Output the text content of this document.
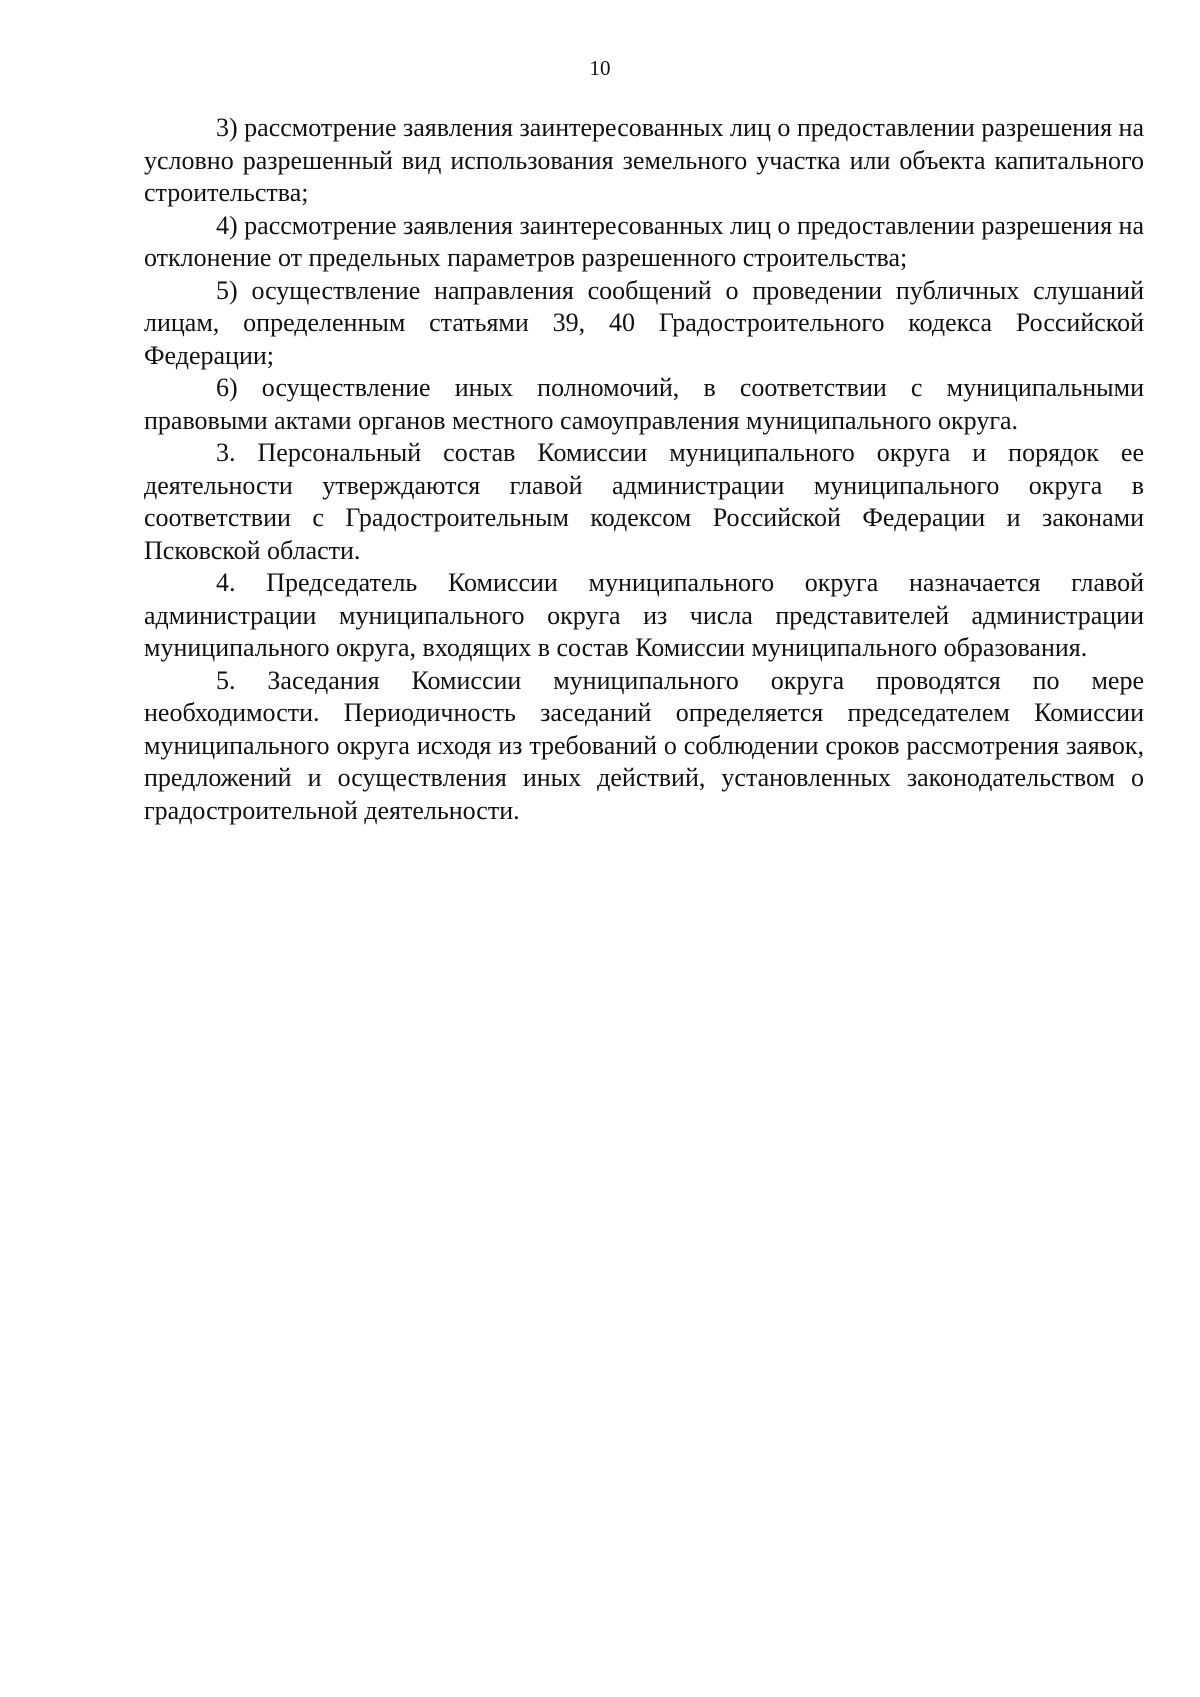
10

3) рассмотрение заявления заинтересованных лиц о предоставлении разрешения на условно разрешенный вид использования земельного участка или объекта капитального строительства;

4) рассмотрение заявления заинтересованных лиц о предоставлении разрешения на отклонение от предельных параметров разрешенного строительства;

5) осуществление направления сообщений о проведении публичных слушаний лицам, определенным статьями 39, 40 Градостроительного кодекса Российской Федерации;

6) осуществление иных полномочий, в соответствии с муниципальными правовыми актами органов местного самоуправления муниципального округа.

3. Персональный состав Комиссии муниципального округа и порядок ее деятельности утверждаются главой администрации муниципального округа в соответствии с Градостроительным кодексом Российской Федерации и законами Псковской области.

4. Председатель Комиссии муниципального округа назначается главой администрации муниципального округа из числа представителей администрации муниципального округа, входящих в состав Комиссии муниципального образования.

5. Заседания Комиссии муниципального округа проводятся по мере необходимости. Периодичность заседаний определяется председателем Комиссии муниципального округа исходя из требований о соблюдении сроков рассмотрения заявок, предложений и осуществления иных действий, установленных законодательством о градостроительной деятельности.
